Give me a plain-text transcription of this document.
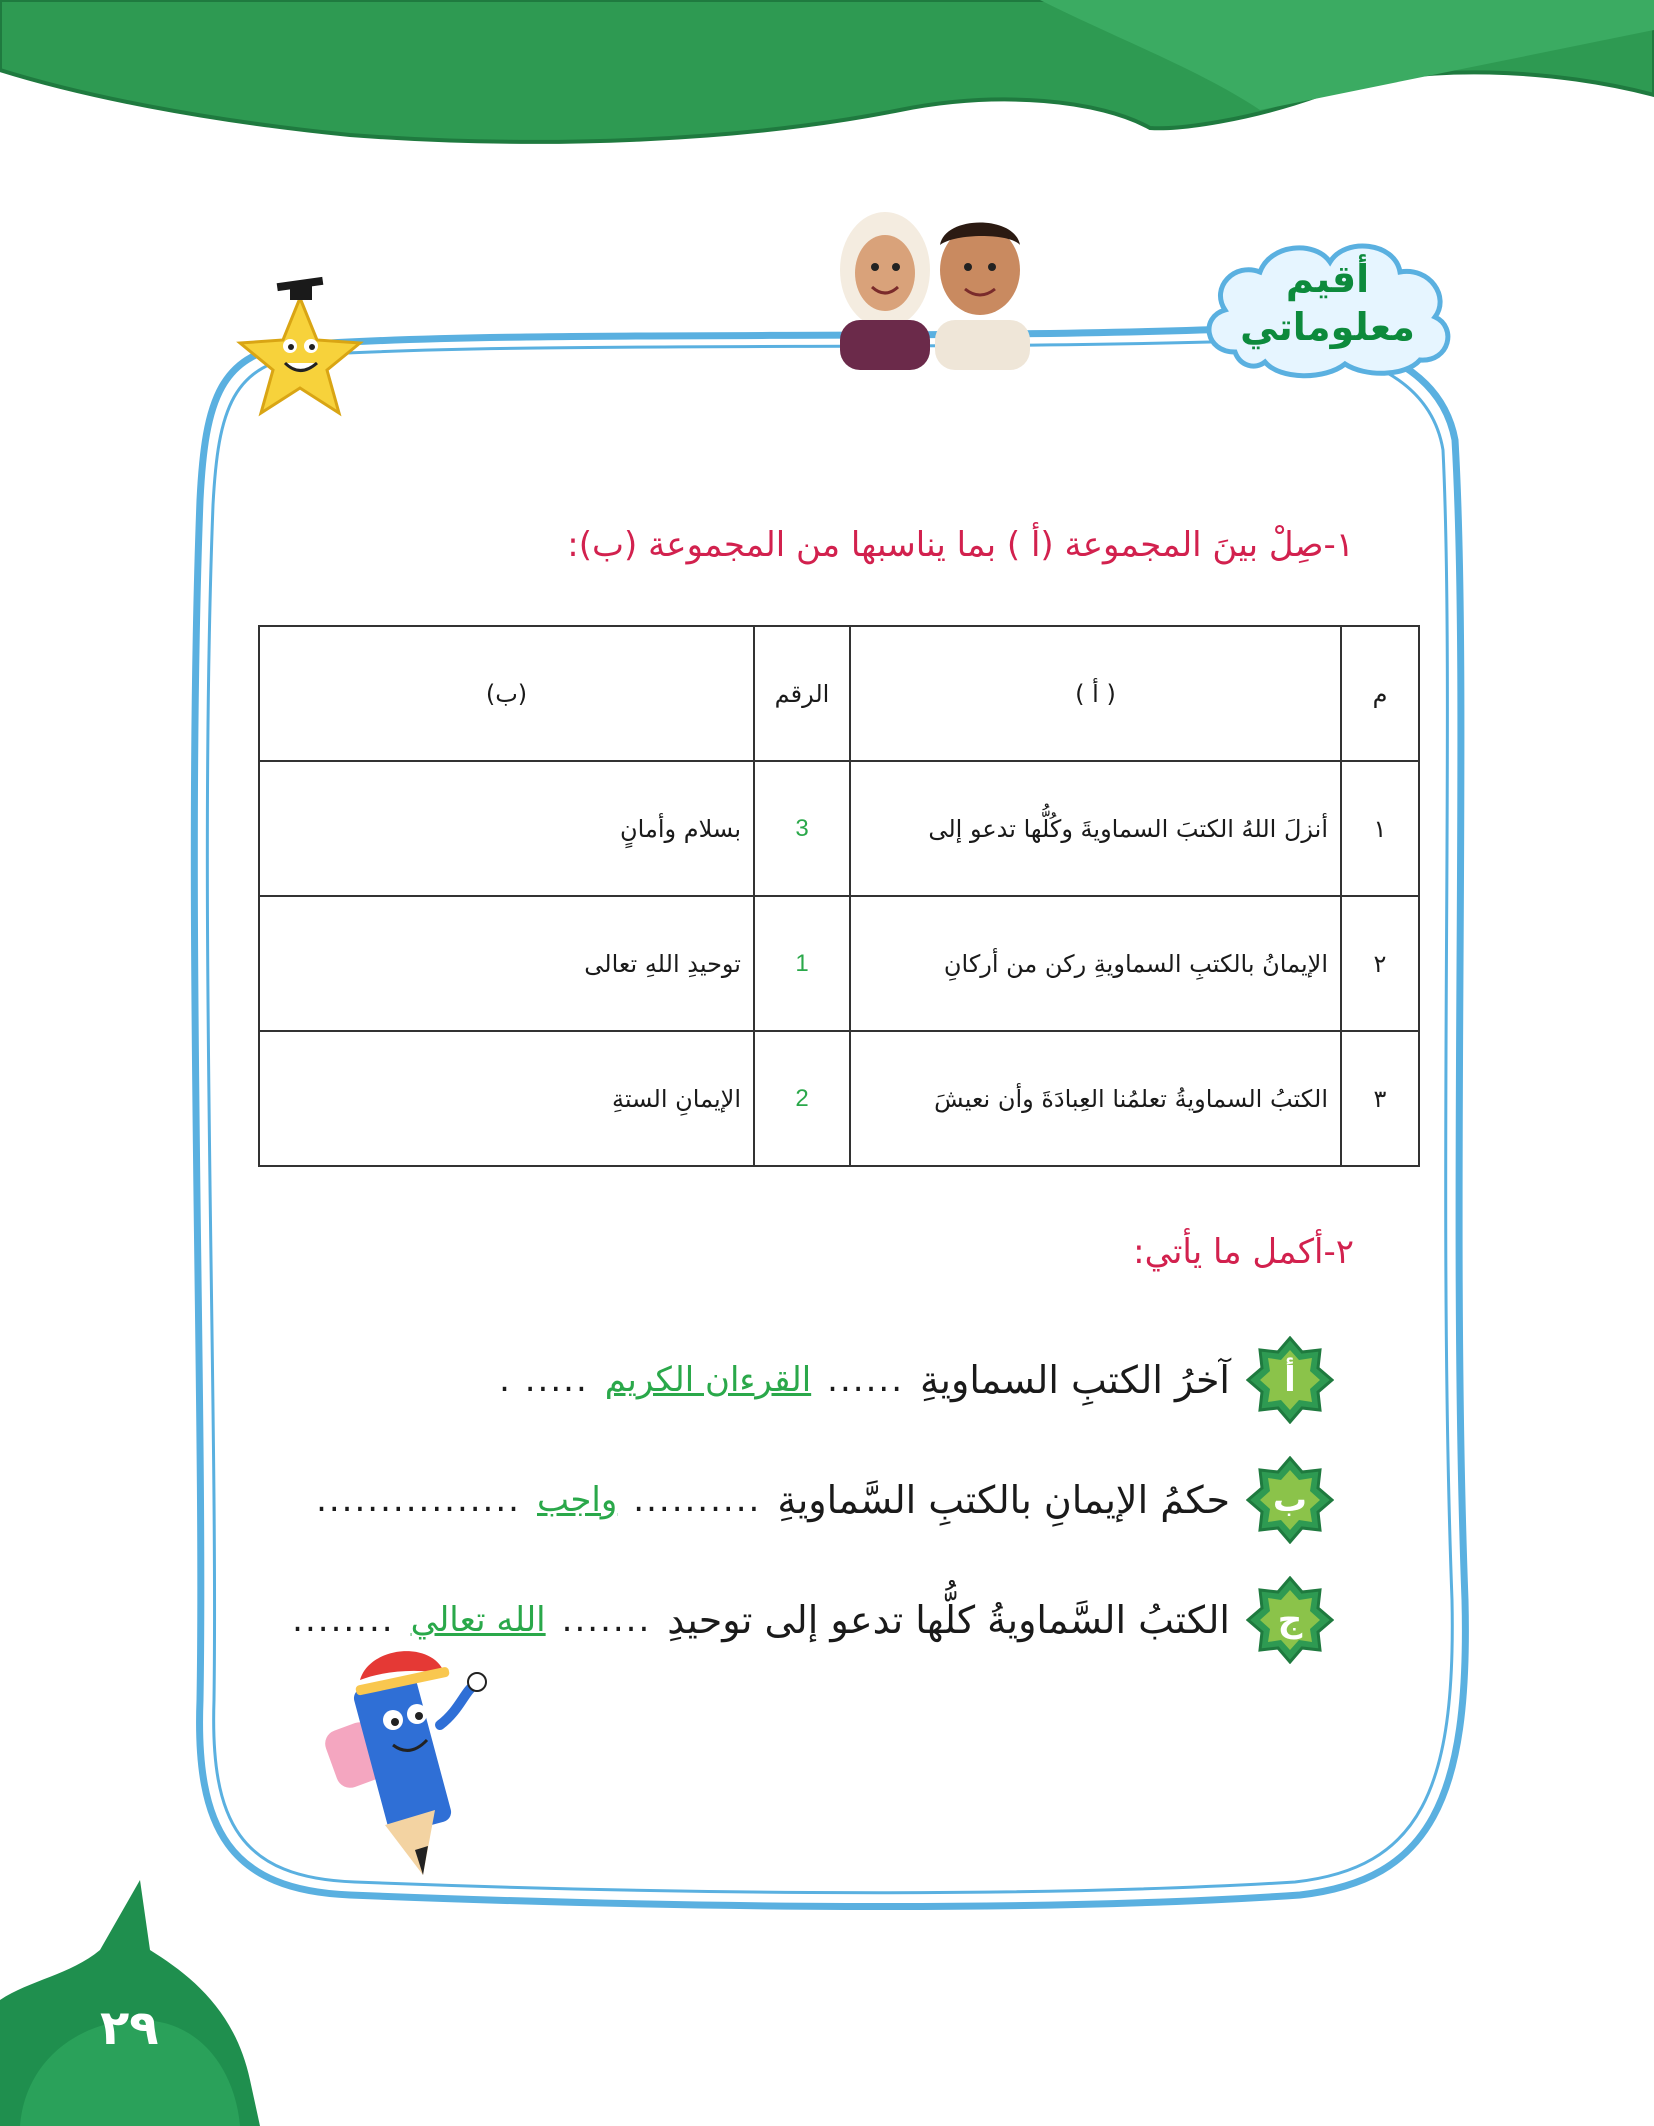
أقيم
معلوماتي
١-صِلْ بينَ المجموعة (أ ) بما يناسبها من المجموعة (ب):
م	( أ )	الرقم	(ب)
١	أنزلَ اللهُ الكتبَ السماويةَ وكُلُّها تدعو إلى	3	بسلام وأمانٍ
٢	الإيمانُ بالكتبِ السماويةِ ركن من أركانِ	1	توحيدِ اللهِ تعالى
٣	الكتبُ السماويةُ تعلمُنا العِبادَةَ وأن نعيشَ	2	الإيمانِ الستةِ
٢-أكمل ما يأتي:
أ
آخرُ الكتبِ السماويةِ
......
القرءان الكريم
..... .
ب
حكمُ الإيمانِ بالكتبِ السَّماويةِ
..........
واجب
................
ج
الكتبُ السَّماويةُ كلُّها تدعو إلى توحيدِ
.......
الله تعالي
........
٢٩
